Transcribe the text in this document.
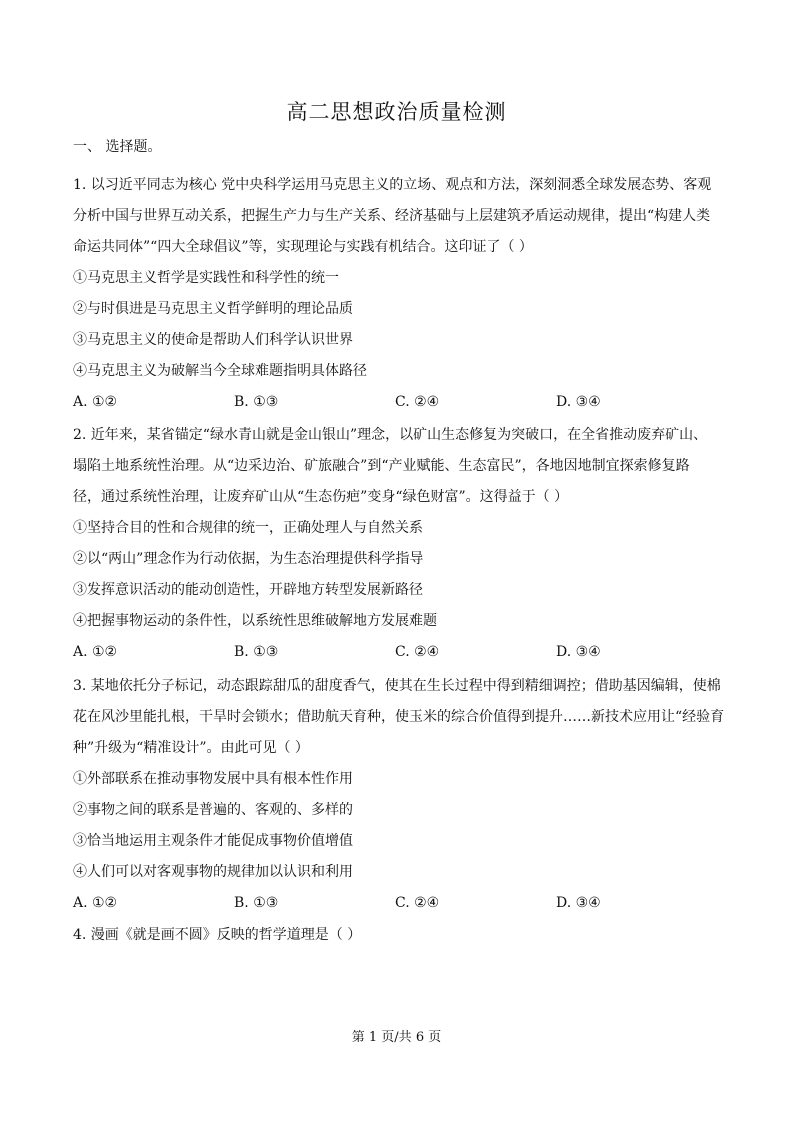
高二思想政治质量检测
一、 选择题。
1. 以习近平同志为核心 党中央科学运用马克思主义的立场、观点和方法，深刻洞悉全球发展态势、客观
分析中国与世界互动关系，把握生产力与生产关系、经济基础与上层建筑矛盾运动规律，提出“构建人类
命运共同体”“四大全球倡议”等，实现理论与实践有机结合。这印证了（ ）
①马克思主义哲学是实践性和科学性的统一
②与时俱进是马克思主义哲学鲜明的理论品质
③马克思主义的使命是帮助人们科学认识世界
④马克思主义为破解当今全球难题指明具体路径
A. ①②	B. ①③	C. ②④	D. ③④
2. 近年来，某省锚定“绿水青山就是金山银山”理念，以矿山生态修复为突破口，在全省推动废弃矿山、
塌陷土地系统性治理。从“边采边治、矿旅融合”到“产业赋能、生态富民”，各地因地制宜探索修复路
径，通过系统性治理，让废弃矿山从“生态伤疤”变身“绿色财富”。这得益于（ ）
①坚持合目的性和合规律的统一，正确处理人与自然关系
②以“两山”理念作为行动依据，为生态治理提供科学指导
③发挥意识活动的能动创造性，开辟地方转型发展新路径
④把握事物运动的条件性，以系统性思维破解地方发展难题
A. ①②	B. ①③	C. ②④	D. ③④
3. 某地依托分子标记，动态跟踪甜瓜的甜度香气，使其在生长过程中得到精细调控；借助基因编辑，使棉
花在风沙里能扎根，干旱时会锁水；借助航天育种，使玉米的综合价值得到提升……新技术应用让“经验育
种”升级为“精准设计”。由此可见（ ）
①外部联系在推动事物发展中具有根本性作用
②事物之间的联系是普遍的、客观的、多样的
③恰当地运用主观条件才能促成事物价值增值
④人们可以对客观事物的规律加以认识和利用
A. ①②	B. ①③	C. ②④	D. ③④
4. 漫画《就是画不圆》反映的哲学道理是（ ）
第 1 页/共 6 页
